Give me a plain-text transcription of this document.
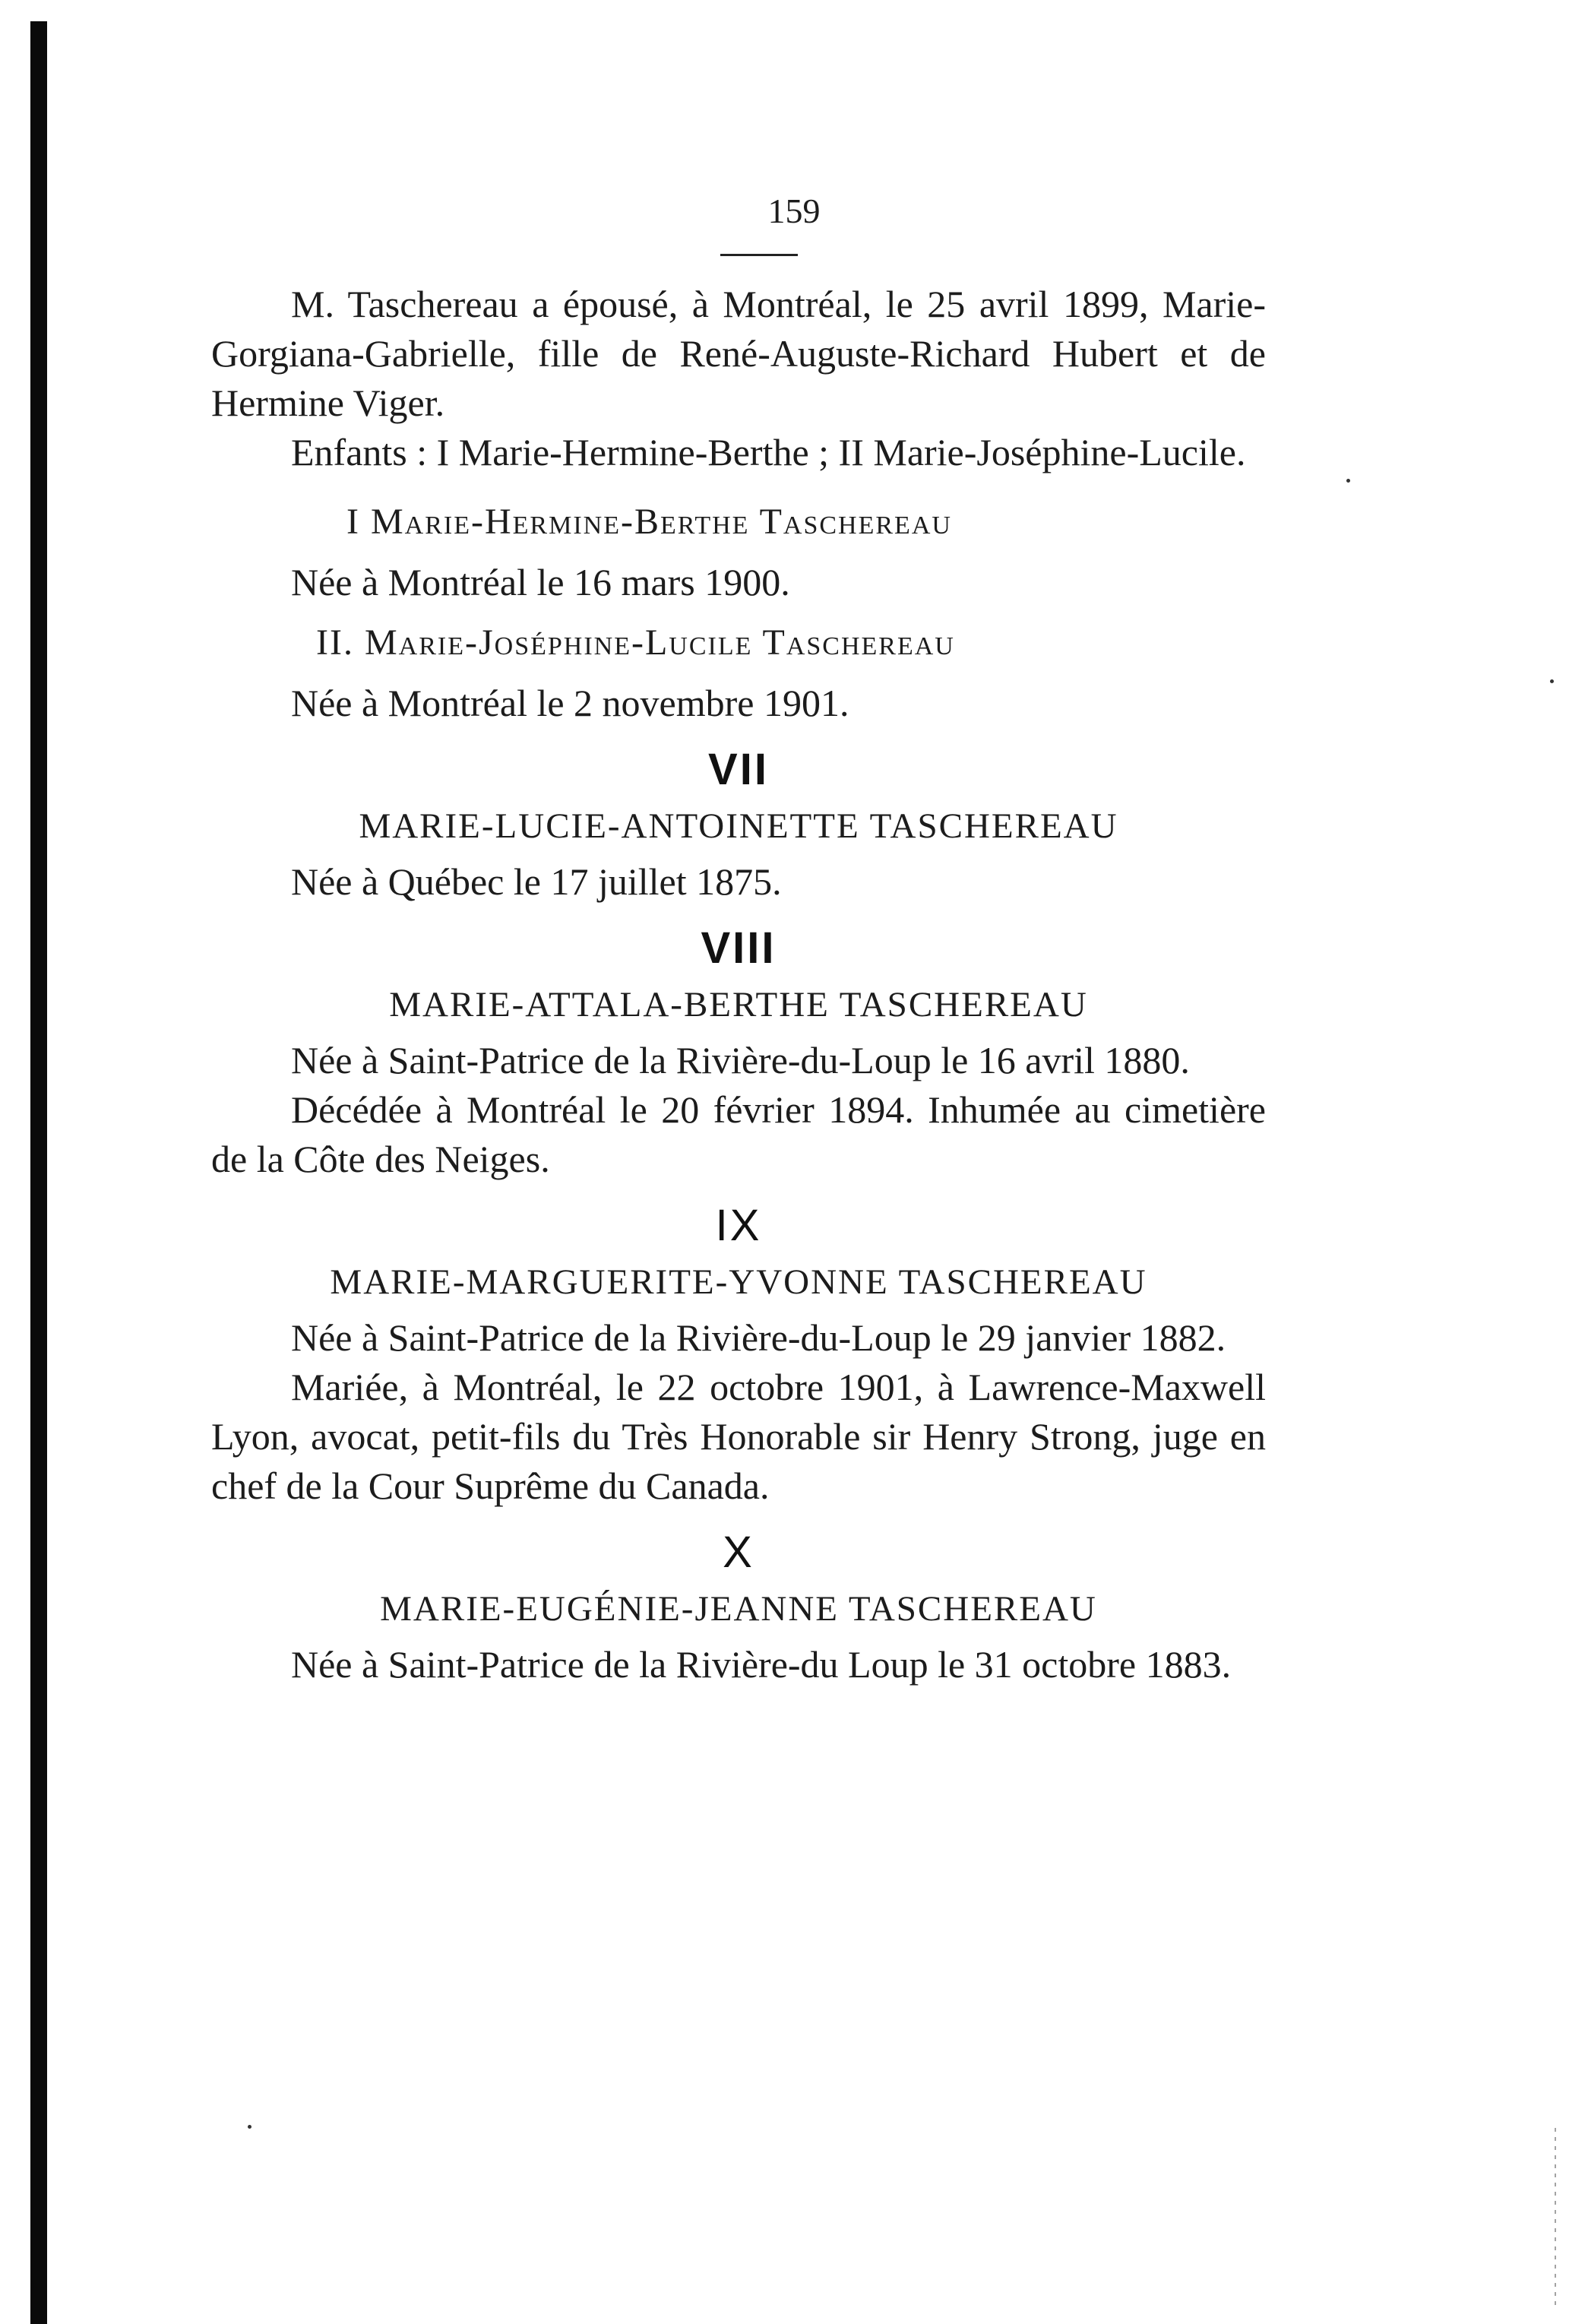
159

M. Taschereau a épousé, à Montréal, le 25 avril 1899, Marie-Gorgiana-Gabrielle, fille de René-Auguste-Richard Hubert et de Hermine Viger.

Enfants : I Marie-Hermine-Berthe ; II Marie-Joséphine-Lucile.

I Marie-Hermine-Berthe Taschereau

Née à Montréal le 16 mars 1900.

II. Marie-Joséphine-Lucile Taschereau

Née à Montréal le 2 novembre 1901.

VII
MARIE-LUCIE-ANTOINETTE TASCHEREAU

Née à Québec le 17 juillet 1875.

VIII
MARIE-ATTALA-BERTHE TASCHEREAU

Née à Saint-Patrice de la Rivière-du-Loup le 16 avril 1880.

Décédée à Montréal le 20 février 1894. Inhumée au cimetière de la Côte des Neiges.

IX
MARIE-MARGUERITE-YVONNE TASCHEREAU

Née à Saint-Patrice de la Rivière-du-Loup le 29 janvier 1882.

Mariée, à Montréal, le 22 octobre 1901, à Lawrence-Maxwell Lyon, avocat, petit-fils du Très Honorable sir Henry Strong, juge en chef de la Cour Suprême du Canada.

X
MARIE-EUGÉNIE-JEANNE TASCHEREAU

Née à Saint-Patrice de la Rivière-du Loup le 31 octobre 1883.
